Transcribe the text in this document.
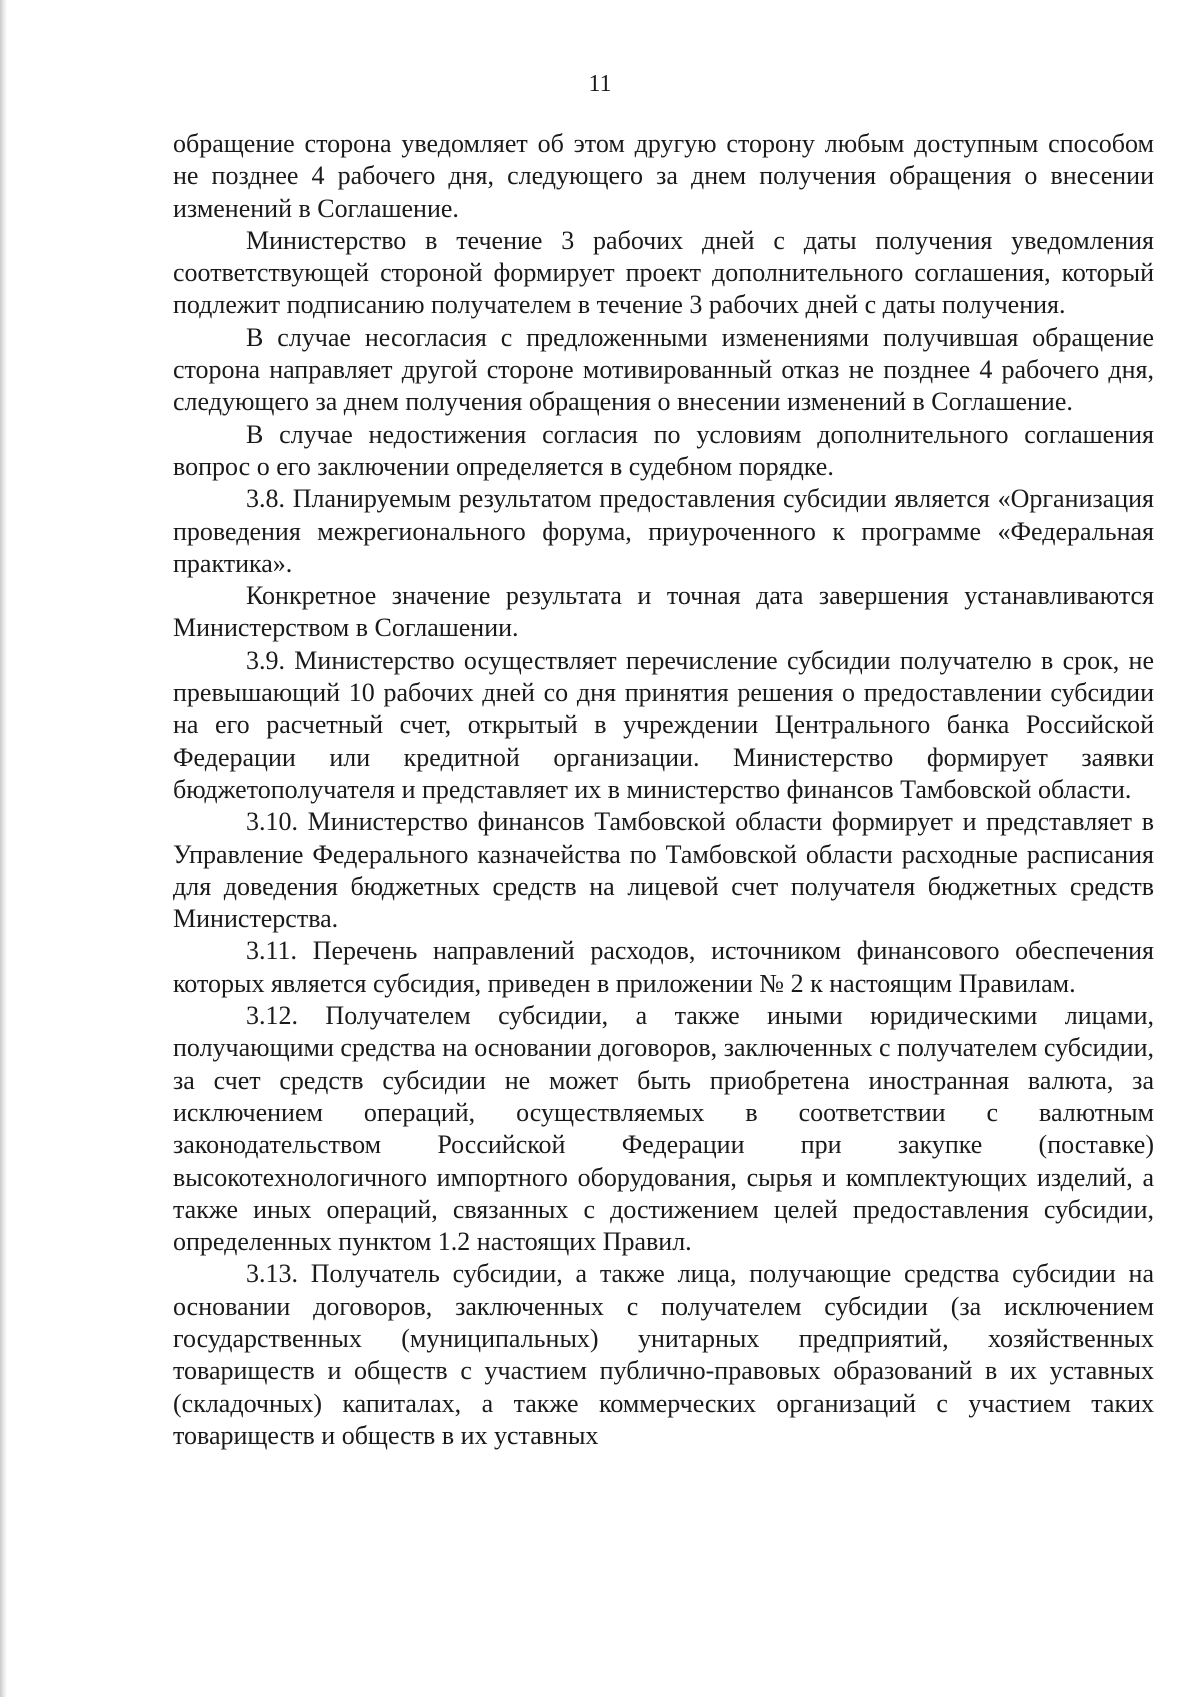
11

обращение сторона уведомляет об этом другую сторону любым доступным способом не позднее 4 рабочего дня, следующего за днем получения обращения о внесении изменений в Соглашение.

Министерство в течение 3 рабочих дней с даты получения уведомления соответствующей стороной формирует проект дополнительного соглашения, который подлежит подписанию получателем в течение 3 рабочих дней с даты получения.

В случае несогласия с предложенными изменениями получившая обращение сторона направляет другой стороне мотивированный отказ не позднее 4 рабочего дня, следующего за днем получения обращения о внесении изменений в Соглашение.

В случае недостижения согласия по условиям дополнительного соглашения вопрос о его заключении определяется в судебном порядке.

3.8. Планируемым результатом предоставления субсидии является «Организация проведения межрегионального форума, приуроченного к программе «Федеральная практика».

Конкретное значение результата и точная дата завершения устанавливаются Министерством в Соглашении.

3.9. Министерство осуществляет перечисление субсидии получателю в срок, не превышающий 10 рабочих дней со дня принятия решения о предоставлении субсидии на его расчетный счет, открытый в учреждении Центрального банка Российской Федерации или кредитной организации. Министерство формирует заявки бюджетополучателя и представляет их в министерство финансов Тамбовской области.

3.10. Министерство финансов Тамбовской области формирует и представляет в Управление Федерального казначейства по Тамбовской области расходные расписания для доведения бюджетных средств на лицевой счет получателя бюджетных средств Министерства.

3.11. Перечень направлений расходов, источником финансового обеспечения которых является субсидия, приведен в приложении № 2 к настоящим Правилам.

3.12. Получателем субсидии, а также иными юридическими лицами, получающими средства на основании договоров, заключенных с получателем субсидии, за счет средств субсидии не может быть приобретена иностранная валюта, за исключением операций, осуществляемых в соответствии с валютным законодательством Российской Федерации при закупке (поставке) высокотехнологичного импортного оборудования, сырья и комплектующих изделий, а также иных операций, связанных с достижением целей предоставления субсидии, определенных пунктом 1.2 настоящих Правил.

3.13. Получатель субсидии, а также лица, получающие средства субсидии на основании договоров, заключенных с получателем субсидии (за исключением государственных (муниципальных) унитарных предприятий, хозяйственных товариществ и обществ с участием публично-правовых образований в их уставных (складочных) капиталах, а также коммерческих организаций с участием таких товариществ и обществ в их уставных
